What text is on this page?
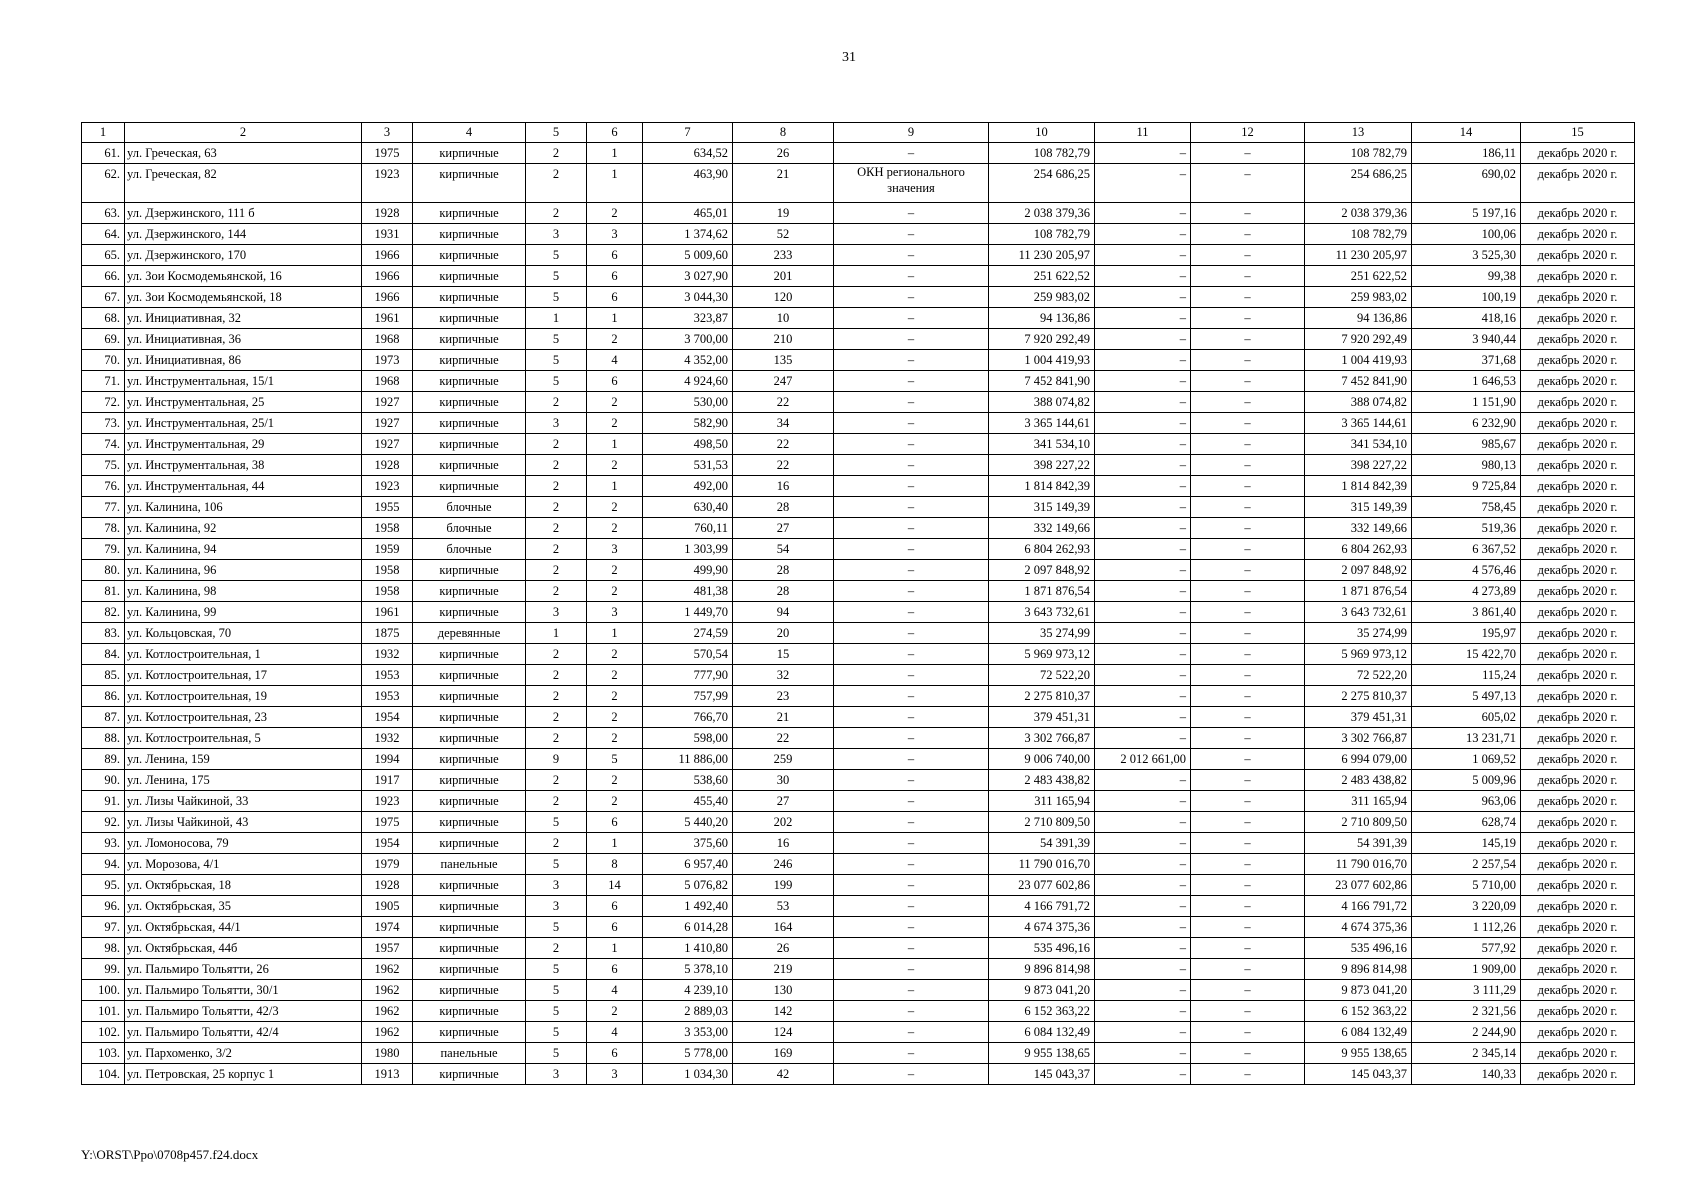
31
1	2	3	4	5	6	7	8	9	10	11	12	13	14	15
61.	ул. Греческая, 63	1975	кирпичные	2	1	634,52	26	–	108 782,79	–	–	108 782,79	186,11	декабрь 2020 г.
62.	ул. Греческая, 82	1923	кирпичные	2	1	463,90	21	ОКН регионального значения	254 686,25	–	–	254 686,25	690,02	декабрь 2020 г.
63.	ул. Дзержинского, 111 б	1928	кирпичные	2	2	465,01	19	–	2 038 379,36	–	–	2 038 379,36	5 197,16	декабрь 2020 г.
64.	ул. Дзержинского, 144	1931	кирпичные	3	3	1 374,62	52	–	108 782,79	–	–	108 782,79	100,06	декабрь 2020 г.
65.	ул. Дзержинского, 170	1966	кирпичные	5	6	5 009,60	233	–	11 230 205,97	–	–	11 230 205,97	3 525,30	декабрь 2020 г.
66.	ул. Зои Космодемьянской, 16	1966	кирпичные	5	6	3 027,90	201	–	251 622,52	–	–	251 622,52	99,38	декабрь 2020 г.
67.	ул. Зои Космодемьянской, 18	1966	кирпичные	5	6	3 044,30	120	–	259 983,02	–	–	259 983,02	100,19	декабрь 2020 г.
68.	ул. Инициативная, 32	1961	кирпичные	1	1	323,87	10	–	94 136,86	–	–	94 136,86	418,16	декабрь 2020 г.
69.	ул. Инициативная, 36	1968	кирпичные	5	2	3 700,00	210	–	7 920 292,49	–	–	7 920 292,49	3 940,44	декабрь 2020 г.
70.	ул. Инициативная, 86	1973	кирпичные	5	4	4 352,00	135	–	1 004 419,93	–	–	1 004 419,93	371,68	декабрь 2020 г.
71.	ул. Инструментальная, 15/1	1968	кирпичные	5	6	4 924,60	247	–	7 452 841,90	–	–	7 452 841,90	1 646,53	декабрь 2020 г.
72.	ул. Инструментальная, 25	1927	кирпичные	2	2	530,00	22	–	388 074,82	–	–	388 074,82	1 151,90	декабрь 2020 г.
73.	ул. Инструментальная, 25/1	1927	кирпичные	3	2	582,90	34	–	3 365 144,61	–	–	3 365 144,61	6 232,90	декабрь 2020 г.
74.	ул. Инструментальная, 29	1927	кирпичные	2	1	498,50	22	–	341 534,10	–	–	341 534,10	985,67	декабрь 2020 г.
75.	ул. Инструментальная, 38	1928	кирпичные	2	2	531,53	22	–	398 227,22	–	–	398 227,22	980,13	декабрь 2020 г.
76.	ул. Инструментальная, 44	1923	кирпичные	2	1	492,00	16	–	1 814 842,39	–	–	1 814 842,39	9 725,84	декабрь 2020 г.
77.	ул. Калинина, 106	1955	блочные	2	2	630,40	28	–	315 149,39	–	–	315 149,39	758,45	декабрь 2020 г.
78.	ул. Калинина, 92	1958	блочные	2	2	760,11	27	–	332 149,66	–	–	332 149,66	519,36	декабрь 2020 г.
79.	ул. Калинина, 94	1959	блочные	2	3	1 303,99	54	–	6 804 262,93	–	–	6 804 262,93	6 367,52	декабрь 2020 г.
80.	ул. Калинина, 96	1958	кирпичные	2	2	499,90	28	–	2 097 848,92	–	–	2 097 848,92	4 576,46	декабрь 2020 г.
81.	ул. Калинина, 98	1958	кирпичные	2	2	481,38	28	–	1 871 876,54	–	–	1 871 876,54	4 273,89	декабрь 2020 г.
82.	ул. Калинина, 99	1961	кирпичные	3	3	1 449,70	94	–	3 643 732,61	–	–	3 643 732,61	3 861,40	декабрь 2020 г.
83.	ул. Кольцовская, 70	1875	деревянные	1	1	274,59	20	–	35 274,99	–	–	35 274,99	195,97	декабрь 2020 г.
84.	ул. Котлостроительная, 1	1932	кирпичные	2	2	570,54	15	–	5 969 973,12	–	–	5 969 973,12	15 422,70	декабрь 2020 г.
85.	ул. Котлостроительная, 17	1953	кирпичные	2	2	777,90	32	–	72 522,20	–	–	72 522,20	115,24	декабрь 2020 г.
86.	ул. Котлостроительная, 19	1953	кирпичные	2	2	757,99	23	–	2 275 810,37	–	–	2 275 810,37	5 497,13	декабрь 2020 г.
87.	ул. Котлостроительная, 23	1954	кирпичные	2	2	766,70	21	–	379 451,31	–	–	379 451,31	605,02	декабрь 2020 г.
88.	ул. Котлостроительная, 5	1932	кирпичные	2	2	598,00	22	–	3 302 766,87	–	–	3 302 766,87	13 231,71	декабрь 2020 г.
89.	ул. Ленина, 159	1994	кирпичные	9	5	11 886,00	259	–	9 006 740,00	2 012 661,00	–	6 994 079,00	1 069,52	декабрь 2020 г.
90.	ул. Ленина, 175	1917	кирпичные	2	2	538,60	30	–	2 483 438,82	–	–	2 483 438,82	5 009,96	декабрь 2020 г.
91.	ул. Лизы Чайкиной, 33	1923	кирпичные	2	2	455,40	27	–	311 165,94	–	–	311 165,94	963,06	декабрь 2020 г.
92.	ул. Лизы Чайкиной, 43	1975	кирпичные	5	6	5 440,20	202	–	2 710 809,50	–	–	2 710 809,50	628,74	декабрь 2020 г.
93.	ул. Ломоносова, 79	1954	кирпичные	2	1	375,60	16	–	54 391,39	–	–	54 391,39	145,19	декабрь 2020 г.
94.	ул. Морозова, 4/1	1979	панельные	5	8	6 957,40	246	–	11 790 016,70	–	–	11 790 016,70	2 257,54	декабрь 2020 г.
95.	ул. Октябрьская, 18	1928	кирпичные	3	14	5 076,82	199	–	23 077 602,86	–	–	23 077 602,86	5 710,00	декабрь 2020 г.
96.	ул. Октябрьская, 35	1905	кирпичные	3	6	1 492,40	53	–	4 166 791,72	–	–	4 166 791,72	3 220,09	декабрь 2020 г.
97.	ул. Октябрьская, 44/1	1974	кирпичные	5	6	6 014,28	164	–	4 674 375,36	–	–	4 674 375,36	1 112,26	декабрь 2020 г.
98.	ул. Октябрьская, 44б	1957	кирпичные	2	1	1 410,80	26	–	535 496,16	–	–	535 496,16	577,92	декабрь 2020 г.
99.	ул. Пальмиро Тольятти, 26	1962	кирпичные	5	6	5 378,10	219	–	9 896 814,98	–	–	9 896 814,98	1 909,00	декабрь 2020 г.
100.	ул. Пальмиро Тольятти, 30/1	1962	кирпичные	5	4	4 239,10	130	–	9 873 041,20	–	–	9 873 041,20	3 111,29	декабрь 2020 г.
101.	ул. Пальмиро Тольятти, 42/3	1962	кирпичные	5	2	2 889,03	142	–	6 152 363,22	–	–	6 152 363,22	2 321,56	декабрь 2020 г.
102.	ул. Пальмиро Тольятти, 42/4	1962	кирпичные	5	4	3 353,00	124	–	6 084 132,49	–	–	6 084 132,49	2 244,90	декабрь 2020 г.
103.	ул. Пархоменко, 3/2	1980	панельные	5	6	5 778,00	169	–	9 955 138,65	–	–	9 955 138,65	2 345,14	декабрь 2020 г.
104.	ул. Петровская, 25 корпус 1	1913	кирпичные	3	3	1 034,30	42	–	145 043,37	–	–	145 043,37	140,33	декабрь 2020 г.
Y:\ORST\Ppo\0708p457.f24.docx
